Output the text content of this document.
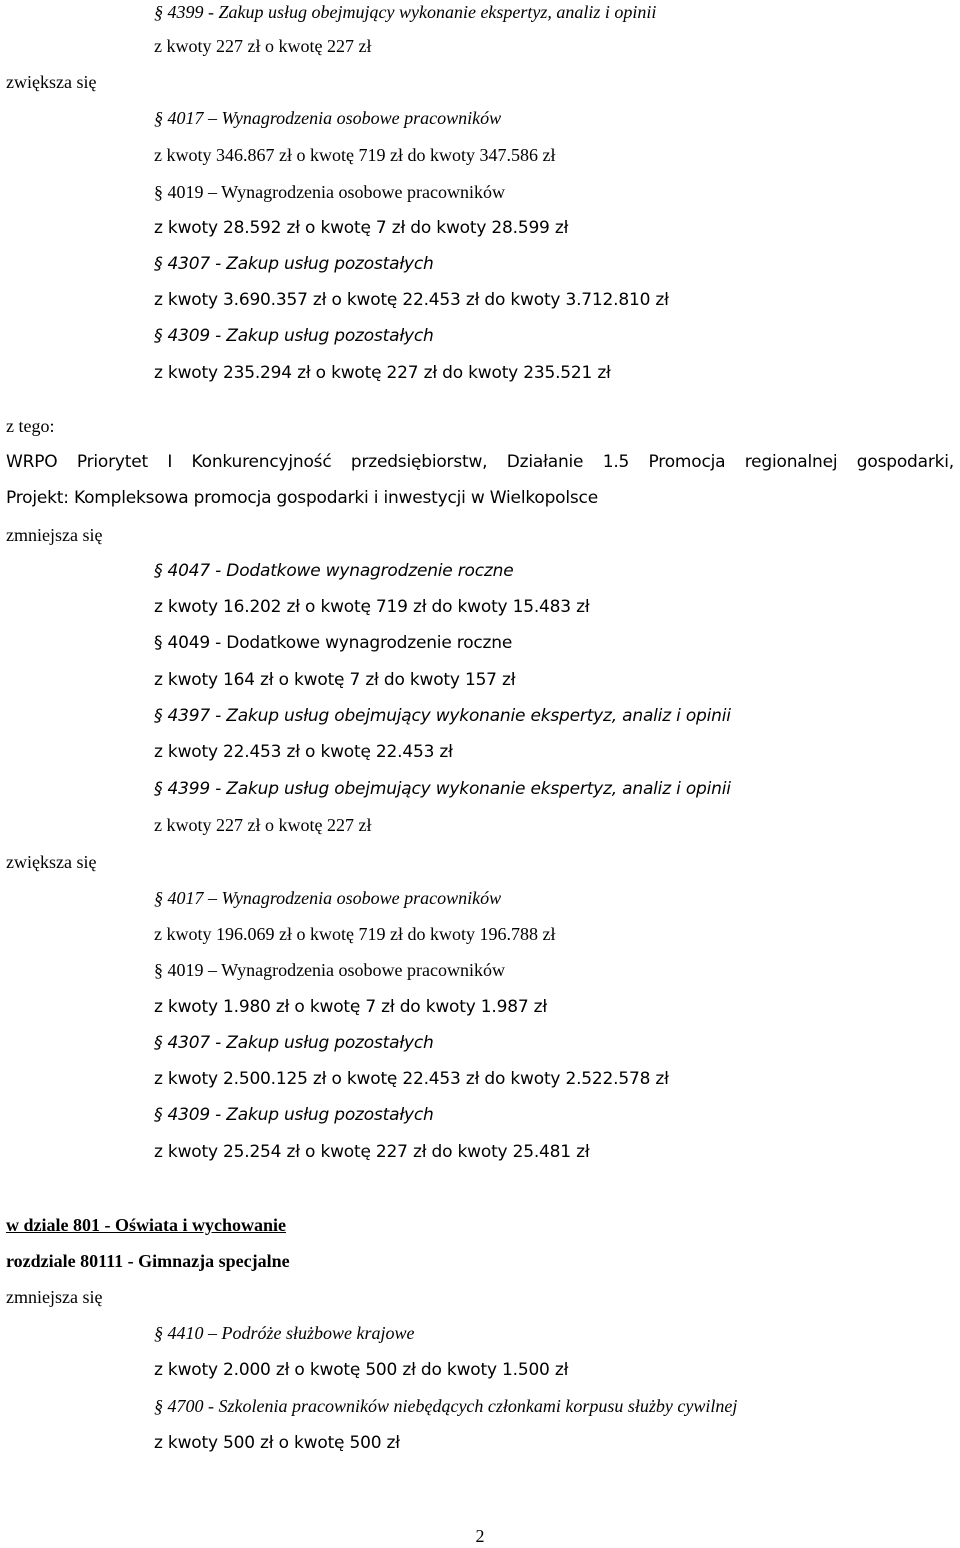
§ 4399 - Zakup usług obejmujący wykonanie ekspertyz, analiz i opinii
z kwoty 227 zł o kwotę 227 zł
zwiększa się
§ 4017 – Wynagrodzenia osobowe pracowników
z kwoty 346.867 zł o kwotę 719 zł do kwoty 347.586 zł
§ 4019 – Wynagrodzenia osobowe pracowników
z kwoty 28.592 zł o kwotę 7 zł do kwoty 28.599 zł
§ 4307 - Zakup usług pozostałych
z kwoty 3.690.357 zł o kwotę 22.453 zł do kwoty 3.712.810 zł
§ 4309 - Zakup usług pozostałych
z kwoty 235.294 zł o kwotę 227 zł do kwoty 235.521 zł
z tego:
WRPO Priorytet I Konkurencyjność przedsiębiorstw, Działanie 1.5 Promocja regionalnej gospodarki,
Projekt: Kompleksowa promocja gospodarki i inwestycji w Wielkopolsce
zmniejsza się
§ 4047 - Dodatkowe wynagrodzenie roczne
z kwoty 16.202 zł o kwotę 719 zł do kwoty 15.483 zł
§ 4049 - Dodatkowe wynagrodzenie roczne
z kwoty 164 zł o kwotę 7 zł do kwoty 157 zł
§ 4397 - Zakup usług obejmujący wykonanie ekspertyz, analiz i opinii
z kwoty 22.453 zł o kwotę 22.453 zł
§ 4399 - Zakup usług obejmujący wykonanie ekspertyz, analiz i opinii
z kwoty 227 zł o kwotę 227 zł
zwiększa się
§ 4017 – Wynagrodzenia osobowe pracowników
z kwoty 196.069 zł o kwotę 719 zł do kwoty 196.788 zł
§ 4019 – Wynagrodzenia osobowe pracowników
z kwoty 1.980 zł o kwotę 7 zł do kwoty 1.987 zł
§ 4307 - Zakup usług pozostałych
z kwoty 2.500.125 zł o kwotę 22.453 zł do kwoty 2.522.578 zł
§ 4309 - Zakup usług pozostałych
z kwoty 25.254 zł o kwotę 227 zł do kwoty 25.481 zł
w dziale 801 - Oświata i wychowanie
rozdziale 80111 - Gimnazja specjalne
zmniejsza się
§ 4410 – Podróże służbowe krajowe
z kwoty 2.000 zł o kwotę 500 zł do kwoty 1.500 zł
§ 4700 - Szkolenia pracowników niebędących członkami korpusu służby cywilnej
z kwoty 500 zł o kwotę 500 zł
2
